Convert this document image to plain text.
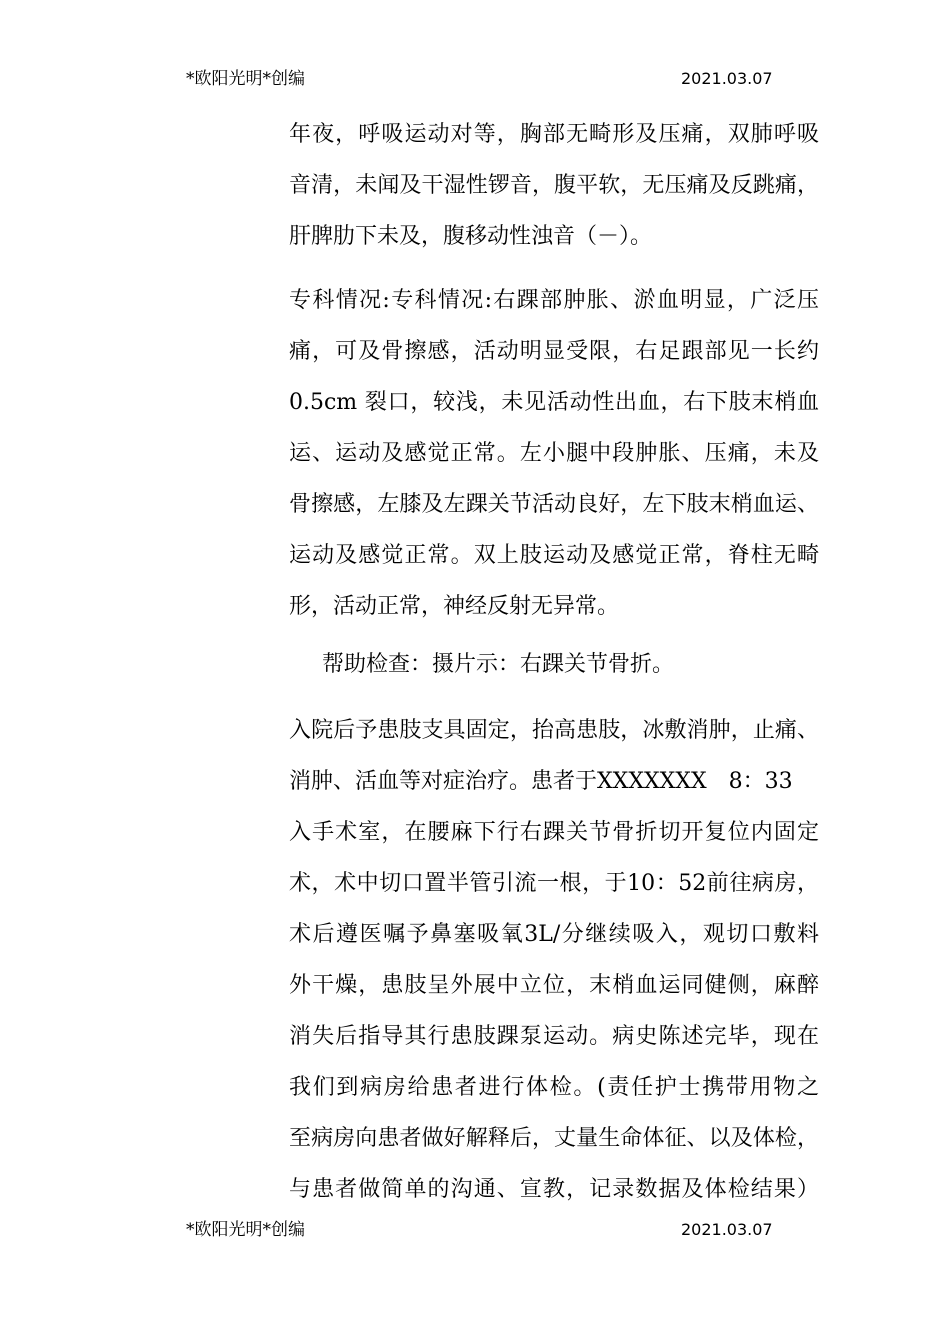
*欧阳光明*创编	2021.03.07
年夜，呼吸运动对等，胸部无畸形及压痛，双肺呼吸
音清，未闻及干湿性锣音，腹平软，无压痛及反跳痛，
肝脾肋下未及，腹移动性浊音（－）。
专科情况:专科情况:右踝部肿胀、淤血明显，广泛压
痛，可及骨擦感，活动明显受限，右足跟部见一长约
0.5cm 裂口，较浅，未见活动性出血，右下肢末梢血
运、运动及感觉正常。左小腿中段肿胀、压痛，未及
骨擦感，左膝及左踝关节活动良好，左下肢末梢血运、
运动及感觉正常。双上肢运动及感觉正常，脊柱无畸
形，活动正常，神经反射无异常。
帮助检查：摄片示：右踝关节骨折。
入院后予患肢支具固定，抬高患肢，冰敷消肿，止痛、
消肿、活血等对症治疗。患者于XXXXXXX　8：33
入手术室，在腰麻下行右踝关节骨折切开复位内固定
术，术中切口置半管引流一根，于10：52前往病房，
术后遵医嘱予鼻塞吸氧3L/分继续吸入，观切口敷料
外干燥，患肢呈外展中立位，末梢血运同健侧，麻醉
消失后指导其行患肢踝泵运动。病史陈述完毕，现在
我们到病房给患者进行体检。(责任护士携带用物之
至病房向患者做好解释后，丈量生命体征、以及体检，
与患者做简单的沟通、宣教，记录数据及体检结果）
*欧阳光明*创编	2021.03.07
